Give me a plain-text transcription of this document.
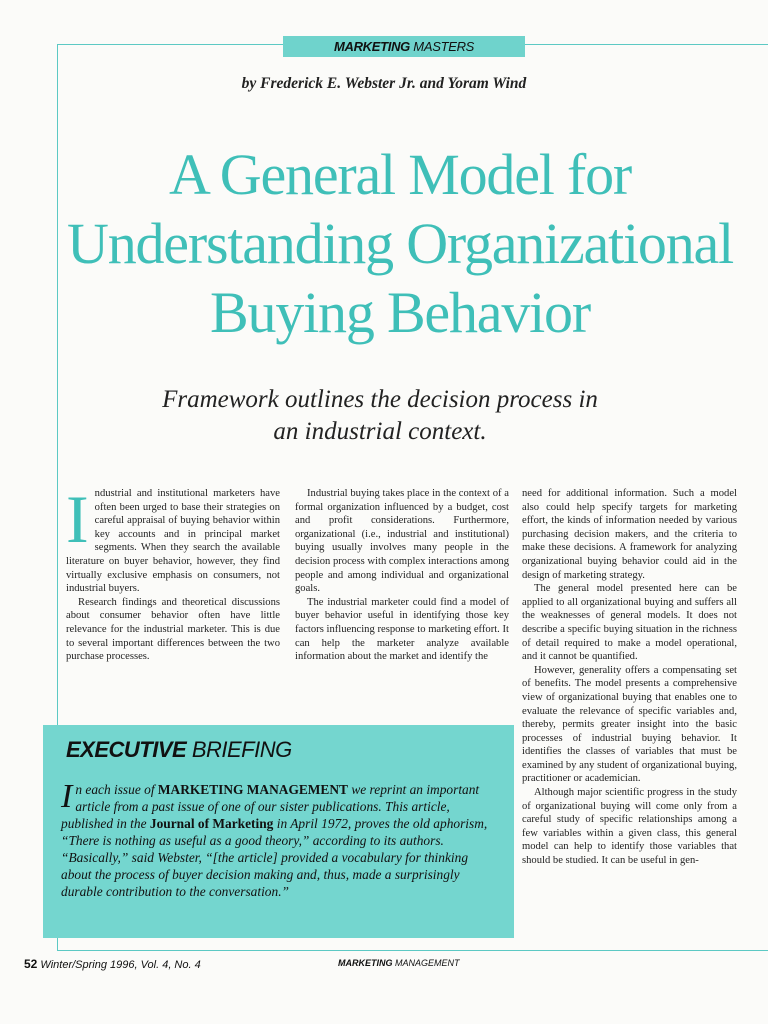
MARKETING MASTERS
by Frederick E. Webster Jr. and Yoram Wind
A General Model for
Understanding Organizational
Buying Behavior
Framework outlines the decision process in
an industrial context.

Industrial and institutional marketers have often been urged to base their strategies on careful appraisal of buying behavior within key accounts and in principal market segments. When they search the available literature on buyer behavior, however, they find virtually exclusive emphasis on consumers, not industrial buyers.

Research findings and theoretical discussions about consumer behavior often have little relevance for the industrial marketer. This is due to several important differences between the two purchase processes.

Industrial buying takes place in the context of a formal organization influenced by a budget, cost and profit considerations. Furthermore, organizational (i.e., industrial and institutional) buying usually involves many people in the decision process with complex interactions among people and among individual and organizational goals.

The industrial marketer could find a model of buyer behavior useful in identifying those key factors influencing response to marketing effort. It can help the marketer analyze available information about the market and identify the

need for additional information. Such a model also could help specify targets for marketing effort, the kinds of information needed by various purchasing decision makers, and the criteria to make these decisions. A framework for analyzing organizational buying behavior could aid in the design of marketing strategy.

The general model presented here can be applied to all organizational buying and suffers all the weaknesses of general models. It does not describe a specific buying situation in the richness of detail required to make a model operational, and it cannot be quantified.

However, generality offers a compensating set of benefits. The model presents a comprehensive view of organizational buying that enables one to evaluate the relevance of specific variables and, thereby, permits greater insight into the basic processes of industrial buying behavior. It identifies the classes of variables that must be examined by any student of organizational buying, practitioner or academician.

Although major scientific progress in the study of organizational buying will come only from a careful study of specific relationships among a few variables within a given class, this general model can help to identify those variables that should be studied. It can be useful in gen-

EXECUTIVE BRIEFING
In each issue of MARKETING MANAGEMENT we reprint an important article from a past issue of one of our sister publications. This article, published in the Journal of Marketing in April 1972, proves the old aphorism, “There is nothing as useful as a good theory,” according to its authors. “Basically,” said Webster, “[the article] provided a vocabulary for thinking about the process of buyer decision making and, thus, made a surprisingly durable contribution to the conversation.”
52 Winter/Spring 1996, Vol. 4, No. 4	MARKETING MANAGEMENT
